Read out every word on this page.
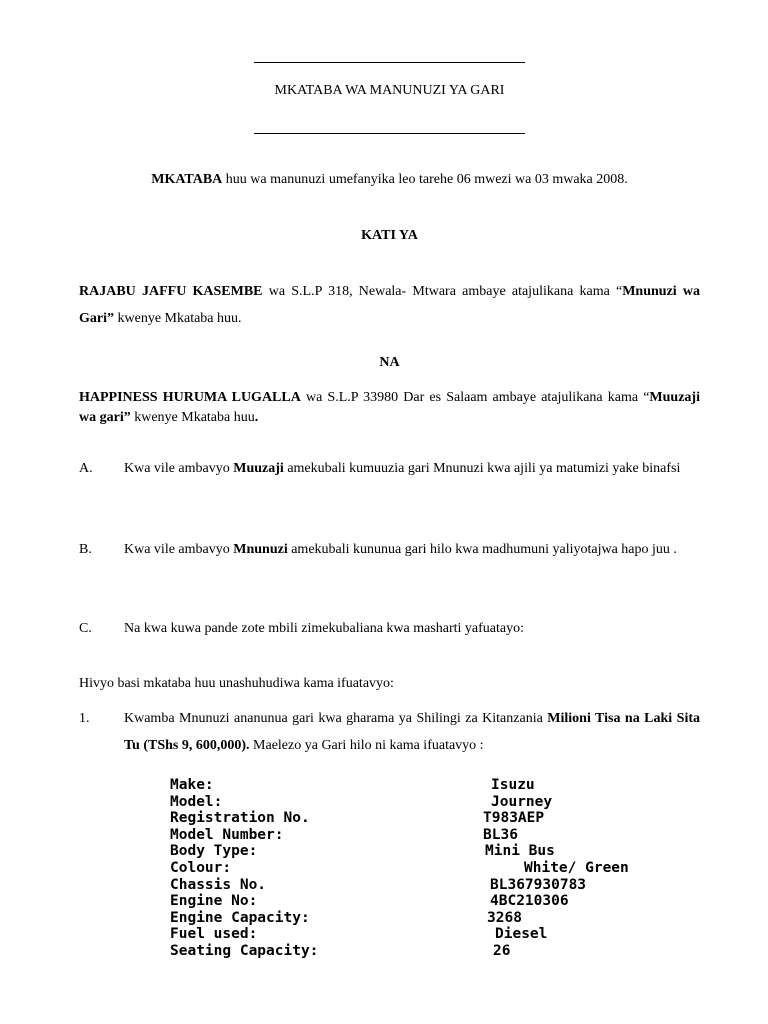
MKATABA WA MANUNUZI YA GARI
MKATABA huu wa manunuzi umefanyika leo tarehe 06 mwezi wa 03 mwaka 2008.
KATI YA
RAJABU JAFFU KASEMBE wa S.L.P 318, Newala- Mtwara ambaye atajulikana kama “Mnunuzi wa Gari” kwenye Mkataba huu.
NA
HAPPINESS HURUMA LUGALLA wa S.L.P 33980 Dar es Salaam ambaye atajulikana kama “Muuzaji wa gari” kwenye Mkataba huu.
A. Kwa vile ambavyo Muuzaji amekubali kumuuzia gari Mnunuzi kwa ajili ya matumizi yake binafsi
B. Kwa vile ambavyo Mnunuzi amekubali kununua gari hilo kwa madhumuni yaliyotajwa hapo juu .
C. Na kwa kuwa pande zote mbili zimekubaliana kwa masharti yafuatayo:
Hivyo basi mkataba huu unashuhudiwa kama ifuatavyo:
1. Kwamba Mnunuzi ananunua gari kwa gharama ya Shilingi za Kitanzania Milioni Tisa na Laki Sita Tu (TShs 9, 600,000). Maelezo ya Gari hilo ni kama ifuatavyo :
Make:	Isuzu
Model:	Journey
Registration No.	T983AEP
Model Number:	BL36
Body Type:	Mini Bus
Colour:	White/ Green
Chassis No.	BL367930783
Engine No:	4BC210306
Engine Capacity:	3268
Fuel used:	Diesel
Seating Capacity:	26
